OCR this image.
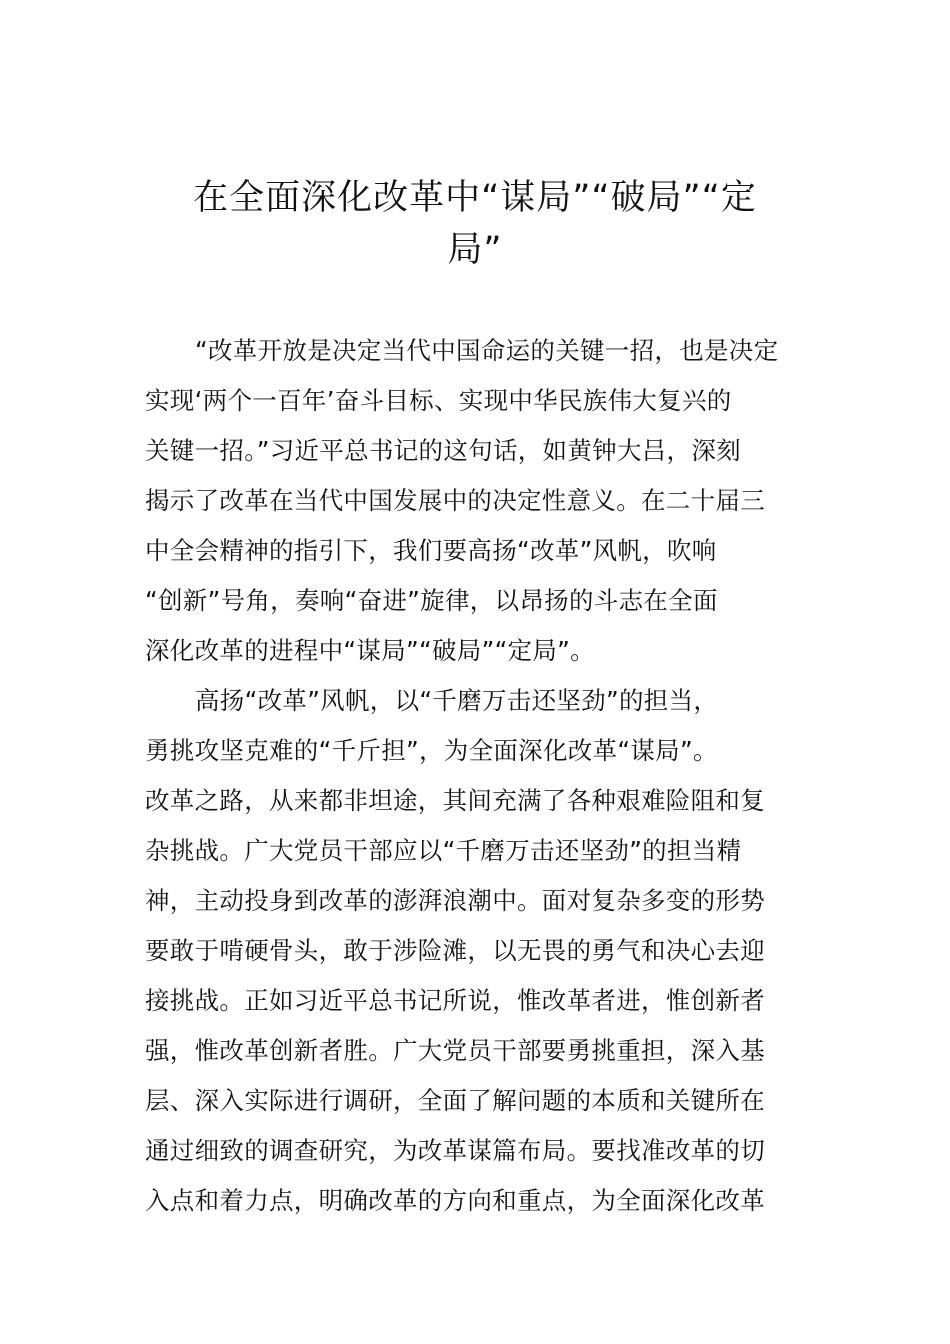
在全面深化改革中“谋局”“破局”“定
局”
“改革开放是决定当代中国命运的关键一招，也是决定
实现‘两个一百年’奋斗目标、实现中华民族伟大复兴的
关键一招。”习近平总书记的这句话，如黄钟大吕，深刻
揭示了改革在当代中国发展中的决定性意义。在二十届三
中全会精神的指引下，我们要高扬“改革”风帆，吹响
“创新”号角，奏响“奋进”旋律，以昂扬的斗志在全面
深化改革的进程中“谋局”“破局”“定局”。
高扬“改革”风帆，以“千磨万击还坚劲”的担当，
勇挑攻坚克难的“千斤担”，为全面深化改革“谋局”。
改革之路，从来都非坦途，其间充满了各种艰难险阻和复
杂挑战。广大党员干部应以“千磨万击还坚劲”的担当精
神，主动投身到改革的澎湃浪潮中。面对复杂多变的形势
要敢于啃硬骨头，敢于涉险滩，以无畏的勇气和决心去迎
接挑战。正如习近平总书记所说，惟改革者进，惟创新者
强，惟改革创新者胜。广大党员干部要勇挑重担，深入基
层、深入实际进行调研，全面了解问题的本质和关键所在
通过细致的调查研究，为改革谋篇布局。要找准改革的切
入点和着力点，明确改革的方向和重点，为全面深化改革
